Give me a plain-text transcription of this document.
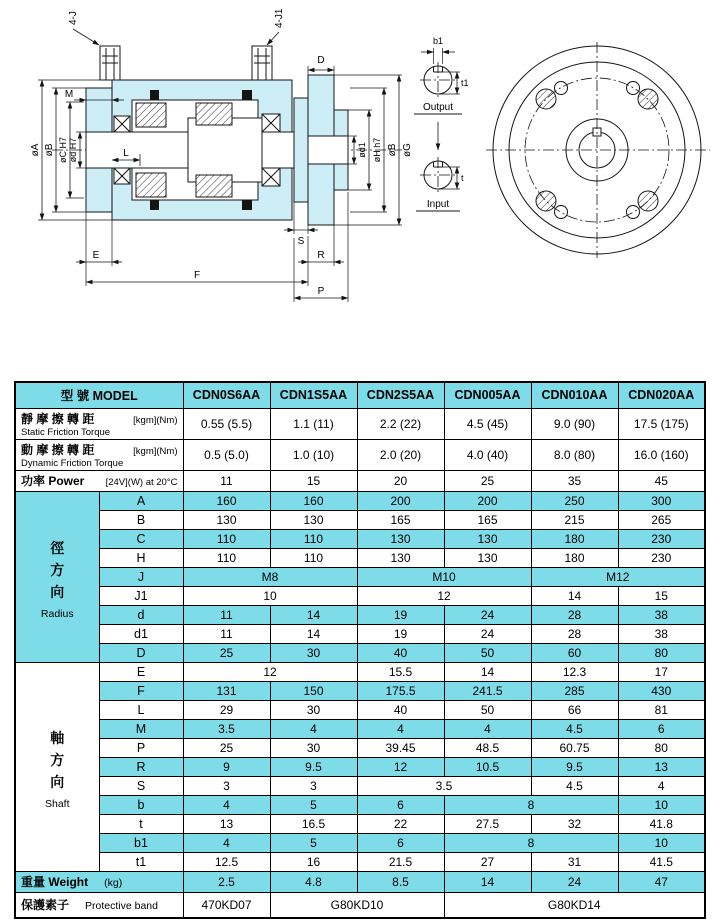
øA øB øC H7 ød H7	ød1 øH h7 øB øG
M
D
L
S
E	R
F
P
4-J	4-J1
b1
t1
Output
t
Input
型 號 MODEL		CDN0S6AA	CDN1S5AA	CDN2S5AA	CDN005AA	CDN010AA	CDN020AA

靜 摩 擦 轉 距 [kgm](Nm)
Static Friction Torque		0.55 (5.5)	1.1 (11)	2.2 (22)	4.5 (45)	9.0 (90)	17.5 (175)

動 摩 擦 轉 距 [kgm](Nm)
Dynamic Friction Torque		0.5 (5.0)	1.0 (10)	2.0 (20)	4.0 (40)	8.0 (80)	16.0 (160)

功率 Power [24V](W) at 20°C		11	15	20	25	35	45

徑
方
向
Radius	A	160	160	200	200	250	300
	B	130	130	165	165	215	265
	C	110	110	130	130	180	230
	H	110	110	130	130	180	230
	J	M8		M10		M12	
	J1	10		12		14	15
	d	11	14	19	24	28	38
	d1	11	14	19	24	28	38
	D	25	30	40	50	60	80

軸
方
向
Shaft	E	12		15.5	14	12.3	17
	F	131	150	175.5	241.5	285	430
	L	29	30	40	50	66	81
	M	3.5	4	4	4	4.5	6
	P	25	30	39.45	48.5	60.75	80
	R	9	9.5	12	10.5	9.5	13
	S	3	3	3.5		4.5	4
	b	4	5	6	8		10
	t	13	16.5	22	27.5	32	41.8
	b1	4	5	6	8		10
	t1	12.5	16	21.5	27	31	41.5

重量 Weight (kg)		2.5	4.8	8.5	14	24	47

保護素子 Protective band		470KD07	G80KD10		G80KD14		
